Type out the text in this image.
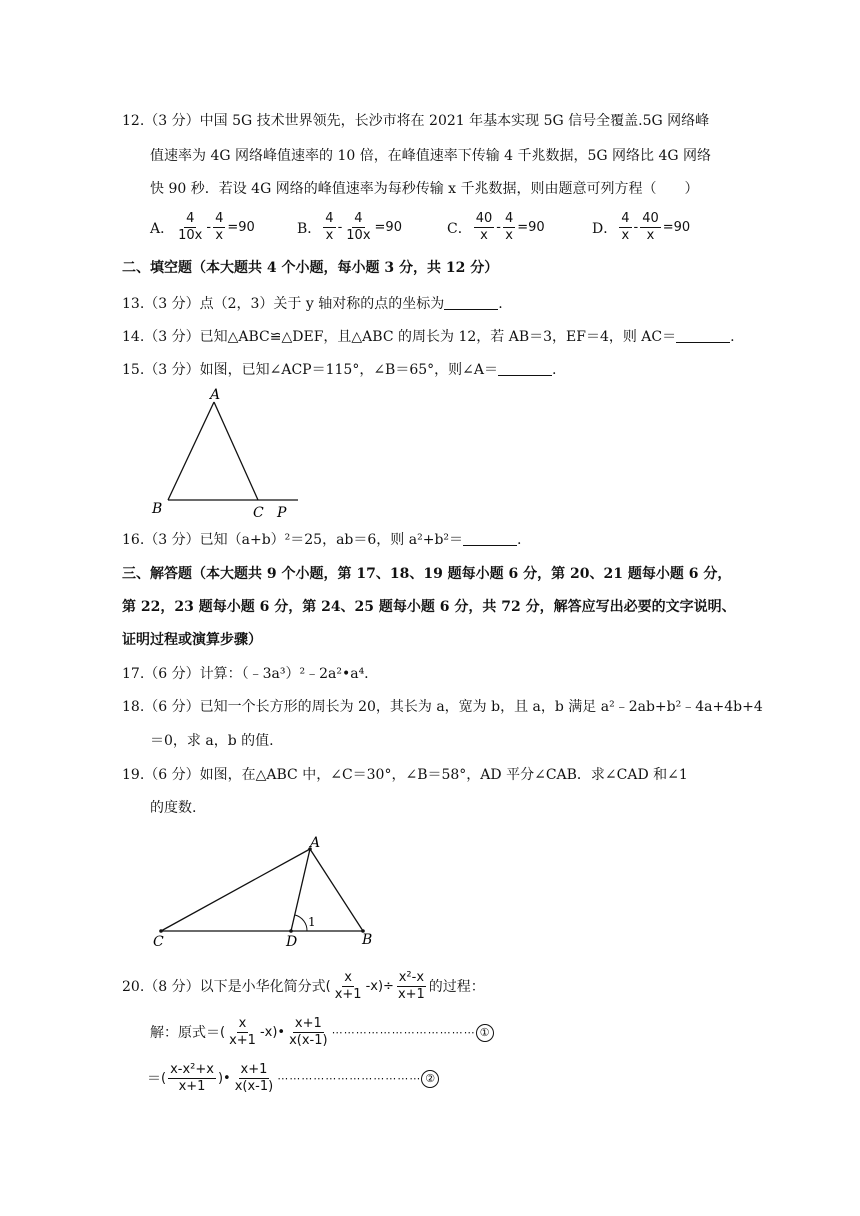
12.（3 分）中国 5G 技术世界领先，长沙市将在 2021 年基本实现 5G 信号全覆盖.5G 网络峰
值速率为 4G 网络峰值速率的 10 倍，在峰值速率下传输 4 千兆数据，5G 网络比 4G 网络
快 90 秒．若设 4G 网络的峰值速率为每秒传输 x 千兆数据，则由题意可列方程（　　）
A． $\frac{4}{10x} - \frac{4}{x} =90$	B． $\frac{4}{x} - \frac{4}{10x} =90$	C． $\frac{40}{x} - \frac{4}{x} =90$	D． $\frac{4}{x} - \frac{40}{x} =90$
二、填空题（本大题共 4 个小题，每小题 3 分，共 12 分）
13.（3 分）点（2，3）关于 y 轴对称的点的坐标为	.
14.（3 分）已知△ABC≌△DEF，且△ABC 的周长为 12，若 AB＝3，EF＝4，则 AC＝	.
15.（3 分）如图，已知∠ACP＝115°，∠B＝65°，则∠A＝	.
A
B	C P
16.（3 分）已知（a+b）²＝25，ab＝6，则 a²+b²＝	.
三、解答题（本大题共 9 个小题，第 17、18、19 题每小题 6 分，第 20、21 题每小题 6 分，
第 22，23 题每小题 6 分，第 24、25 题每小题 6 分，共 72 分，解答应写出必要的文字说明、
证明过程或演算步骤）
17.（6 分）计算：（﹣3a³）²﹣2a²•a⁴.
18.（6 分）已知一个长方形的周长为 20，其长为 a，宽为 b，且 a，b 满足 a²﹣2ab+b²﹣4a+4b+4
＝0，求 a，b 的值.
19.（6 分）如图，在△ABC 中，∠C＝30°，∠B＝58°，AD 平分∠CAB．求∠CAD 和∠1
的度数.
A
C	D	B
1
20.（8 分）以下是小华化简分式 ( $\frac{x}{x+1} -x) \div \frac{\text{x²-x}}{x+1}$ 的过程：
解：原式＝ ( $\frac{x}{x+1} -x$) • $\frac{x+1}{x(x-1)}$ ⋯⋯⋯⋯⋯⋯⋯⋯⋯⋯⋯⋯ ①
＝ ( $\frac{\text{x-x²+x}}{x+1}$ ) • $\frac{x+1}{x(x-1)}$ ⋯⋯⋯⋯⋯⋯⋯⋯⋯⋯⋯⋯ ②
